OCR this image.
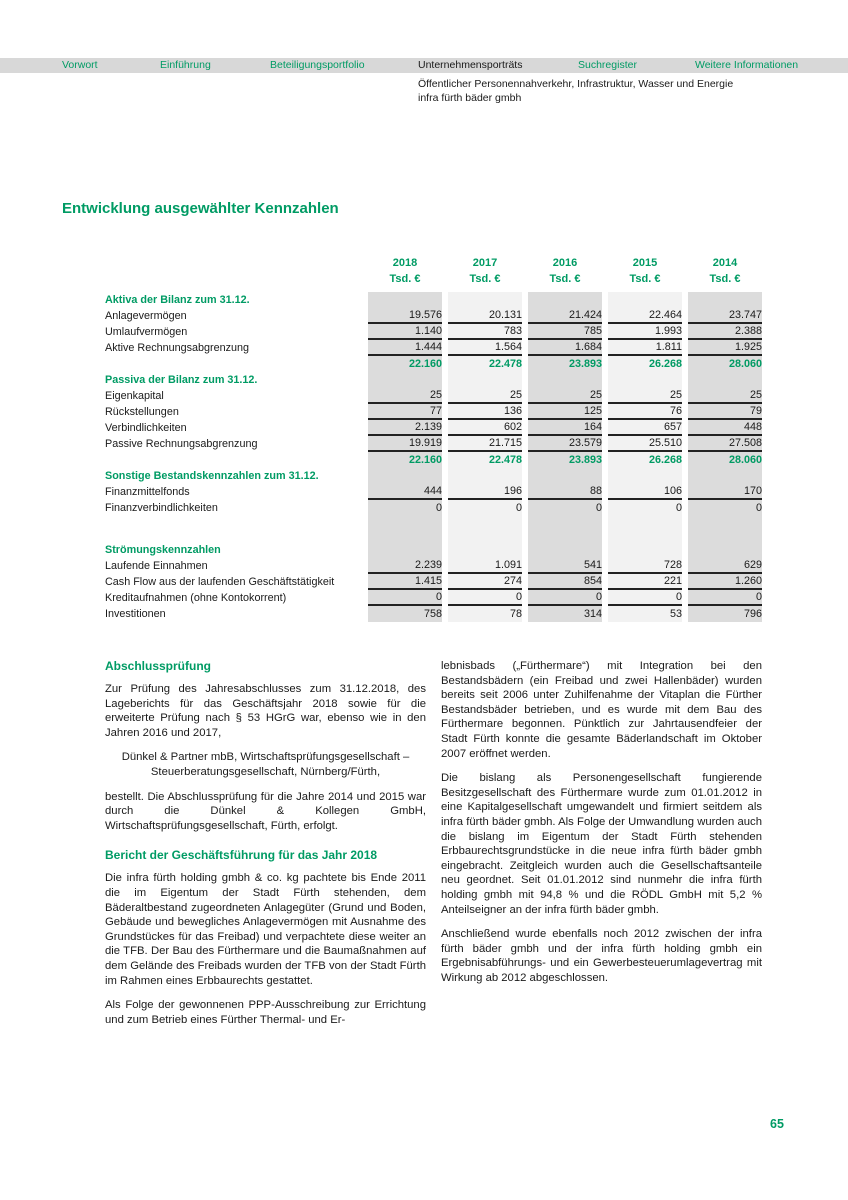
Vorwort	Einführung	Beteiligungsportfolio	Unternehmensporträts	Suchregister	Weitere Informationen
Öffentlicher Personennahverkehr, Infrastruktur, Wasser und Energie
infra fürth bäder gmbh
Entwicklung ausgewählter Kennzahlen
	2018	2017	2016	2015	2014
	Tsd. €	Tsd. €	Tsd. €	Tsd. €	Tsd. €

Aktiva der Bilanz zum 31.12.					
Anlagevermögen	19.576	20.131	21.424	22.464	23.747
Umlaufvermögen	1.140	783	785	1.993	2.388
Aktive Rechnungsabgrenzung	1.444	1.564	1.684	1.811	1.925
	22.160	22.478	23.893	26.268	28.060
Passiva der Bilanz zum 31.12.					
Eigenkapital	25	25	25	25	25
Rückstellungen	77	136	125	76	79
Verbindlichkeiten	2.139	602	164	657	448
Passive Rechnungsabgrenzung	19.919	21.715	23.579	25.510	27.508
	22.160	22.478	23.893	26.268	28.060
Sonstige Bestandskennzahlen zum 31.12.					
Finanzmittelfonds	444	196	88	106	170
Finanzverbindlichkeiten	0	0	0	0	0

Strömungskennzahlen					
Laufende Einnahmen	2.239	1.091	541	728	629
Cash Flow aus der laufenden Geschäftstätigkeit	1.415	274	854	221	1.260
Kreditaufnahmen (ohne Kontokorrent)	0	0	0	0	0
Investitionen	758	78	314	53	796
Abschlussprüfung

Zur Prüfung des Jahresabschlusses zum 31.12.2018, des Lageberichts für das Geschäftsjahr 2018 sowie für die erweiterte Prüfung nach § 53 HGrG war, ebenso wie in den Jahren 2016 und 2017,

Dünkel & Partner mbB, Wirtschaftsprüfungsgesellschaft – Steuerberatungsgesellschaft, Nürnberg/Fürth,

bestellt. Die Abschlussprüfung für die Jahre 2014 und 2015 war durch die Dünkel & Kollegen GmbH, Wirtschaftsprüfungsgesellschaft, Fürth, erfolgt.

Bericht der Geschäftsführung für das Jahr 2018

Die infra fürth holding gmbh & co. kg pachtete bis Ende 2011 die im Eigentum der Stadt Fürth stehenden, dem Bäderaltbestand zugeordneten Anlagegüter (Grund und Boden, Gebäude und bewegliches Anlagevermögen mit Ausnahme des Grundstückes für das Freibad) und verpachtete diese weiter an die TFB. Der Bau des Fürthermare und die Baumaßnahmen auf dem Gelände des Freibads wurden der TFB von der Stadt Fürth im Rahmen eines Erbbaurechts gestattet.

Als Folge der gewonnenen PPP-Ausschreibung zur Errichtung und zum Betrieb eines Fürther Thermal- und Er-

lebnisbads („Fürthermare“) mit Integration bei den Bestandsbädern (ein Freibad und zwei Hallenbäder) wurden bereits seit 2006 unter Zuhilfenahme der Vitaplan die Fürther Bestandsbäder betrieben, und es wurde mit dem Bau des Fürthermare begonnen. Pünktlich zur Jahrtausendfeier der Stadt Fürth konnte die gesamte Bäderlandschaft im Oktober 2007 eröffnet werden.

Die bislang als Personengesellschaft fungierende Besitzgesellschaft des Fürthermare wurde zum 01.01.2012 in eine Kapitalgesellschaft umgewandelt und firmiert seitdem als infra fürth bäder gmbh. Als Folge der Umwandlung wurden auch die bislang im Eigentum der Stadt Fürth stehenden Erbbaurechtsgrundstücke in die neue infra fürth bäder gmbh eingebracht. Zeitgleich wurden auch die Gesellschaftsanteile neu geordnet. Seit 01.01.2012 sind nunmehr die infra fürth holding gmbh mit 94,8 % und die RÖDL GmbH mit 5,2 % Anteilseigner an der infra fürth bäder gmbh.

Anschließend wurde ebenfalls noch 2012 zwischen der infra fürth bäder gmbh und der infra fürth holding gmbh ein Ergebnisabführungs- und ein Gewerbesteuerumlagevertrag mit Wirkung ab 2012 abgeschlossen.

65
